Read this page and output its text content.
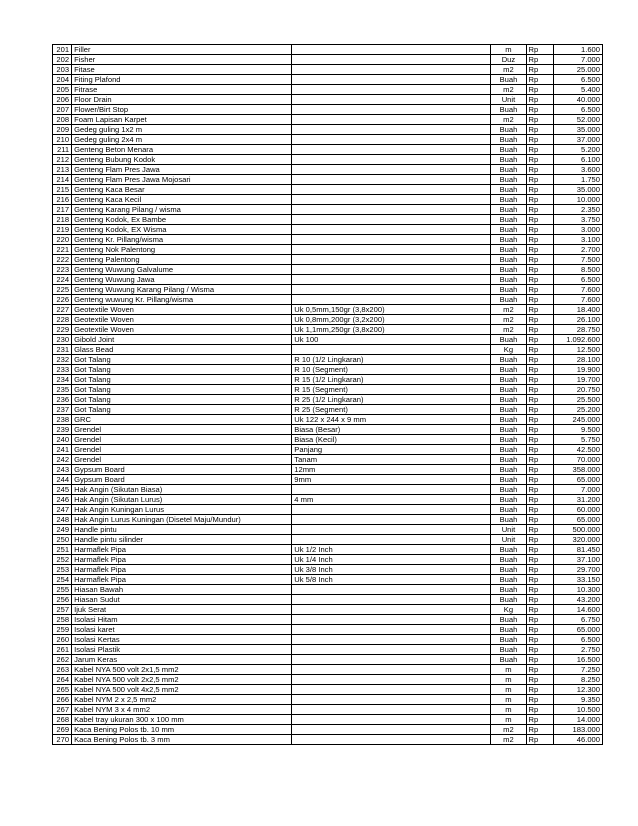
201	Filler		m	Rp	1.600
202	Fisher		Duz	Rp	7.000
203	Fitase		m2	Rp	25.000
204	Fiting Plafond		Buah	Rp	6.500
205	Fitrase		m2	Rp	5.400
206	Floor Drain		Unit	Rp	40.000
207	Flower/Birt Stop		Buah	Rp	6.500
208	Foam Lapisan Karpet		m2	Rp	52.000
209	Gedeg guling 1x2 m		Buah	Rp	35.000
210	Gedeg guling 2x4 m		Buah	Rp	37.000
211	Genteng Beton Menara		Buah	Rp	5.200
212	Genteng Bubung Kodok		Buah	Rp	6.100
213	Genteng Flam Pres Jawa		Buah	Rp	3.600
214	Genteng Flam Pres Jawa Mojosari		Buah	Rp	1.750
215	Genteng Kaca Besar		Buah	Rp	35.000
216	Genteng Kaca Kecil		Buah	Rp	10.000
217	Genteng Karang Pilang / wisma		Buah	Rp	2.350
218	Genteng Kodok, Ex Bambe		Buah	Rp	3.750
219	Genteng Kodok, EX Wisma		Buah	Rp	3.000
220	Genteng Kr. Pillang/wisma		Buah	Rp	3.100
221	Genteng Nok Palentong		Buah	Rp	2.700
222	Genteng Palentong		Buah	Rp	7.500
223	Genteng Wuwung Galvalume		Buah	Rp	8.500
224	Genteng Wuwung Jawa		Buah	Rp	6.500
225	Genteng Wuwung Karang Pilang / Wisma		Buah	Rp	7.600
226	Genteng wuwung Kr. Pillang/wisma		Buah	Rp	7.600
227	Geotextile Woven	Uk 0,5mm,150gr (3,8x200)	m2	Rp	18.400
228	Geotextile Woven	Uk 0,8mm,200gr (3,2x200)	m2	Rp	26.100
229	Geotextile Woven	Uk 1,1mm,250gr (3,8x200)	m2	Rp	28.750
230	Gibold Joint	Uk 100	Buah	Rp	1.092.600
231	Glass Bead		Kg	Rp	12.500
232	Got Talang	R 10 (1/2 Lingkaran)	Buah	Rp	28.100
233	Got Talang	R 10 (Segment)	Buah	Rp	19.900
234	Got Talang	R 15 (1/2 Lingkaran)	Buah	Rp	19.700
235	Got Talang	R 15 (Segment)	Buah	Rp	20.750
236	Got Talang	R 25 (1/2 Lingkaran)	Buah	Rp	25.500
237	Got Talang	R 25 (Segment)	Buah	Rp	25.200
238	GRC	Uk 122 x 244 x 9 mm	Buah	Rp	245.000
239	Grendel	Biasa (Besar)	Buah	Rp	9.500
240	Grendel	Biasa (Kecil)	Buah	Rp	5.750
241	Grendel	Panjang	Buah	Rp	42.500
242	Grendel	Tanam	Buah	Rp	70.000
243	Gypsum Board	12mm	Buah	Rp	358.000
244	Gypsum Board	9mm	Buah	Rp	65.000
245	Hak Angin (Sikutan Biasa)		Buah	Rp	7.000
246	Hak Angin (Sikutan Lurus)	4 mm	Buah	Rp	31.200
247	Hak Angin Kuningan Lurus		Buah	Rp	60.000
248	Hak Angin Lurus Kuningan (Disetel Maju/Mundur)		Buah	Rp	65.000
249	Handle pintu		Unit	Rp	500.000
250	Handle pintu silinder		Unit	Rp	320.000
251	Harmaflek Pipa	Uk 1/2 Inch	Buah	Rp	81.450
252	Harmaflek Pipa	Uk 1/4 Inch	Buah	Rp	37.100
253	Harmaflek Pipa	Uk 3/8 Inch	Buah	Rp	29.700
254	Harmaflek Pipa	Uk 5/8 Inch	Buah	Rp	33.150
255	Hiasan Bawah		Buah	Rp	10.300
256	Hiasan Sudut		Buah	Rp	43.200
257	Ijuk Serat		Kg	Rp	14.600
258	Isolasi Hitam		Buah	Rp	6.750
259	Isolasi karet		Buah	Rp	65.000
260	Isolasi Kertas		Buah	Rp	6.500
261	Isolasi Plastik		Buah	Rp	2.750
262	Jarum Keras		Buah	Rp	16.500
263	Kabel NYA 500 volt 2x1,5 mm2		m	Rp	7.250
264	Kabel NYA 500 volt 2x2,5 mm2		m	Rp	8.250
265	Kabel NYA 500 volt 4x2,5 mm2		m	Rp	12.300
266	Kabel NYM 2 x 2,5 mm2		m	Rp	9.350
267	Kabel NYM 3 x 4 mm2		m	Rp	10.500
268	Kabel tray ukuran 300 x 100 mm		m	Rp	14.000
269	Kaca Bening Polos tb. 10 mm		m2	Rp	183.000
270	Kaca Bening Polos tb. 3 mm		m2	Rp	46.000
